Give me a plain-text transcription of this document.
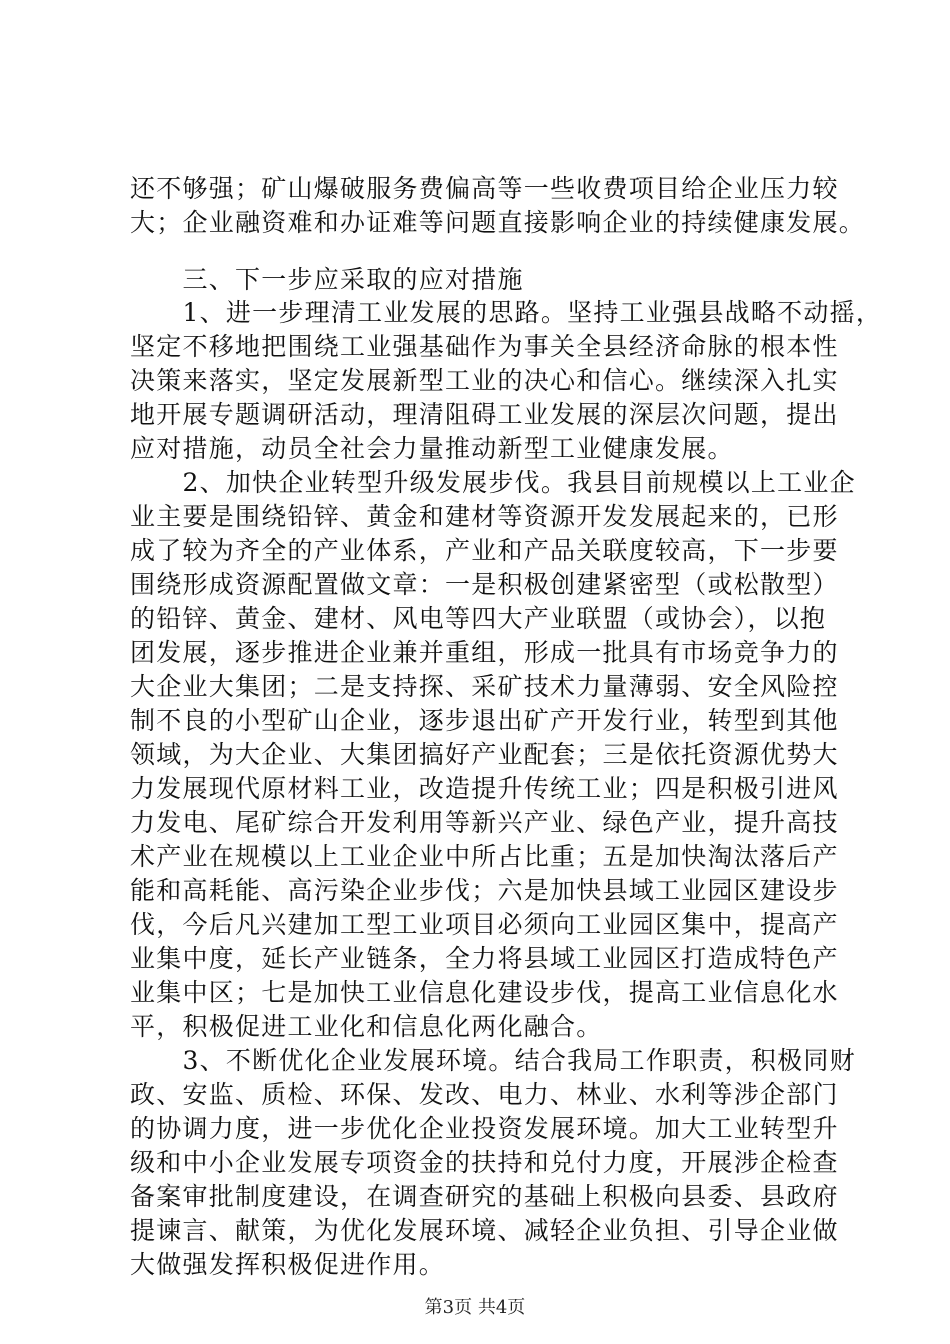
还不够强；矿山爆破服务费偏高等一些收费项目给企业压力较
大；企业融资难和办证难等问题直接影响企业的持续健康发展。
　　三、下一步应采取的应对措施
　　1、进一步理清工业发展的思路。坚持工业强县战略不动摇，
坚定不移地把围绕工业强基础作为事关全县经济命脉的根本性
决策来落实，坚定发展新型工业的决心和信心。继续深入扎实
地开展专题调研活动，理清阻碍工业发展的深层次问题，提出
应对措施，动员全社会力量推动新型工业健康发展。
　　2、加快企业转型升级发展步伐。我县目前规模以上工业企
业主要是围绕铅锌、黄金和建材等资源开发发展起来的，已形
成了较为齐全的产业体系，产业和产品关联度较高，下一步要
围绕形成资源配置做文章：一是积极创建紧密型（或松散型）
的铅锌、黄金、建材、风电等四大产业联盟（或协会），以抱
团发展，逐步推进企业兼并重组，形成一批具有市场竞争力的
大企业大集团；二是支持探、采矿技术力量薄弱、安全风险控
制不良的小型矿山企业，逐步退出矿产开发行业，转型到其他
领域，为大企业、大集团搞好产业配套；三是依托资源优势大
力发展现代原材料工业，改造提升传统工业；四是积极引进风
力发电、尾矿综合开发利用等新兴产业、绿色产业，提升高技
术产业在规模以上工业企业中所占比重；五是加快淘汰落后产
能和高耗能、高污染企业步伐；六是加快县域工业园区建设步
伐，今后凡兴建加工型工业项目必须向工业园区集中，提高产
业集中度，延长产业链条，全力将县域工业园区打造成特色产
业集中区；七是加快工业信息化建设步伐，提高工业信息化水
平，积极促进工业化和信息化两化融合。
　　3、不断优化企业发展环境。结合我局工作职责，积极同财
政、安监、质检、环保、发改、电力、林业、水利等涉企部门
的协调力度，进一步优化企业投资发展环境。加大工业转型升
级和中小企业发展专项资金的扶持和兑付力度，开展涉企检查
备案审批制度建设，在调查研究的基础上积极向县委、县政府
提谏言、献策，为优化发展环境、减轻企业负担、引导企业做
大做强发挥积极促进作用。
第3页 共4页
